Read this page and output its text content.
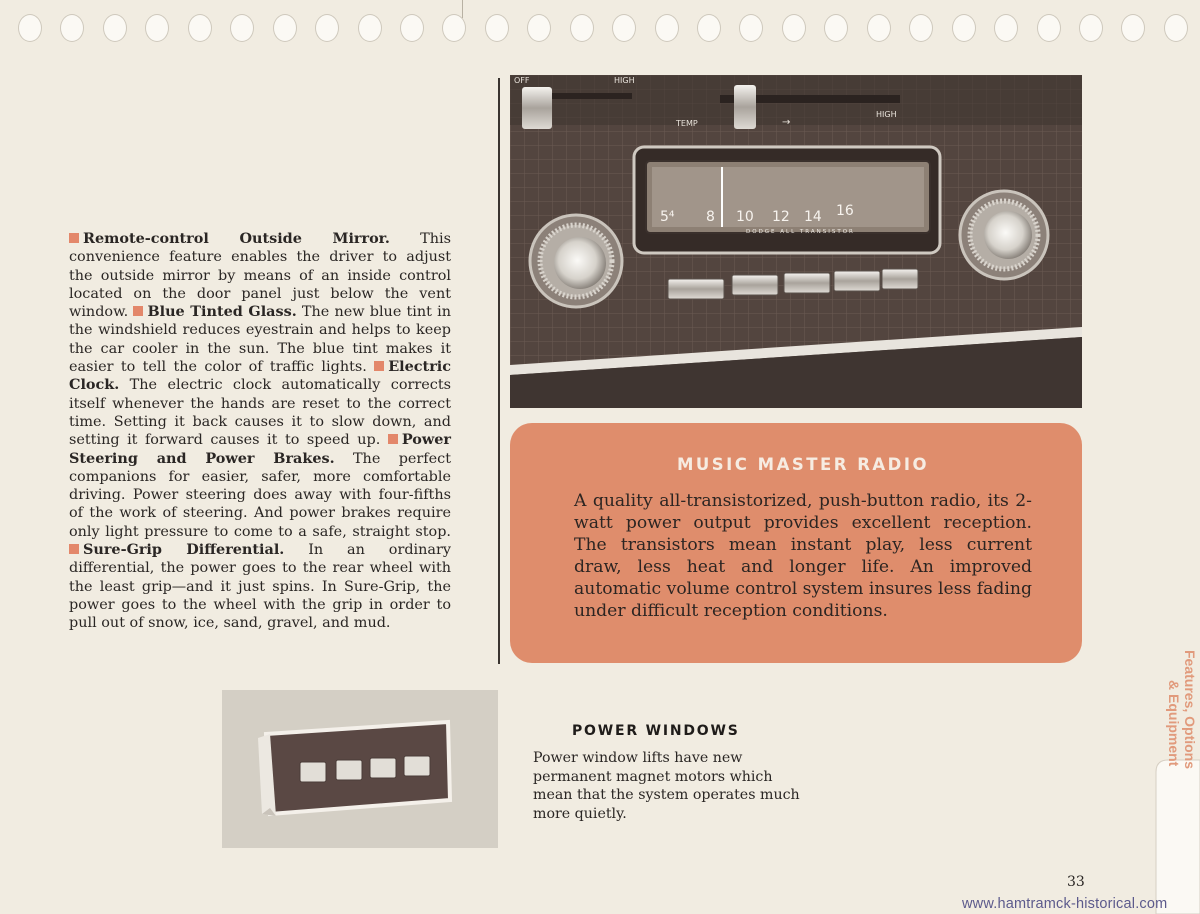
Remote-control Outside Mirror. This convenience feature enables the driver to adjust the outside mirror by means of an inside control located on the door panel just below the vent window. Blue Tinted Glass. The new blue tint in the windshield reduces eyestrain and helps to keep the car cooler in the sun. The blue tint makes it easier to tell the color of traffic lights. Electric Clock. The electric clock automatically corrects itself whenever the hands are reset to the correct time. Setting it back causes it to slow down, and setting it forward causes it to speed up. Power Steering and Power Brakes. The perfect companions for easier, safer, more comfortable driving. Power steering does away with four-fifths of the work of steering. And power brakes require only light pressure to come to a safe, straight stop. Sure-Grip Differential. In an ordinary differential, the power goes to the rear wheel with the least grip—and it just spins. In Sure-Grip, the power goes to the wheel with the grip in order to pull out of snow, ice, sand, gravel, and mud.
OFF	HIGH
TEMP	→
HIGH
5⁴ 8 10 12 14 16
DODGE ALL TRANSISTOR
MUSIC MASTER RADIO
A quality all-transistorized, push-button radio, its 2-watt power output provides excellent reception. The transistors mean instant play, less current draw, less heat and longer life. An improved automatic volume control system insures less fading under difficult reception conditions.
POWER WINDOWS
Power window lifts have new permanent magnet motors which mean that the system operates much more quietly.
Features, Options
& Equipment
33
www.hamtramck-historical.com
